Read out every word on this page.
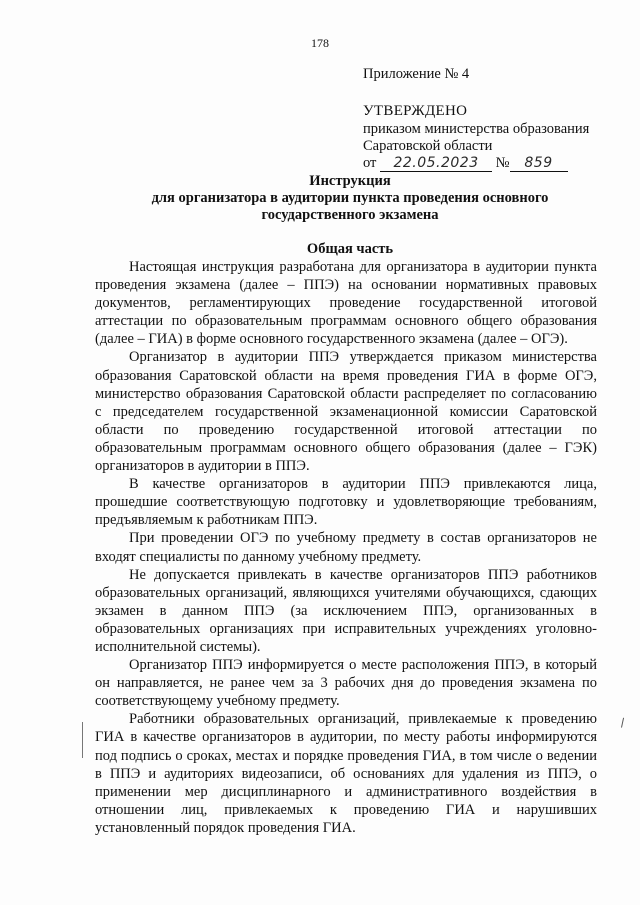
178
Приложение № 4
УТВЕРЖДЕНО
приказом министерства образования
Саратовской области
от 22.05.2023 № 859
Инструкция
для организатора в аудитории пункта проведения основного
государственного экзамена
Общая часть

Настоящая инструкция разработана для организатора в аудитории пункта проведения экзамена (далее – ППЭ) на основании нормативных правовых документов, регламентирующих проведение государственной итоговой аттестации по образовательным программам основного общего образования (далее – ГИА) в форме основного государственного экзамена (далее – ОГЭ).

Организатор в аудитории ППЭ утверждается приказом министерства образования Саратовской области на время проведения ГИА в форме ОГЭ, министерство образования Саратовской области распределяет по согласованию с председателем государственной экзаменационной комиссии Саратовской области по проведению государственной итоговой аттестации по образовательным программам основного общего образования (далее – ГЭК) организаторов в аудитории в ППЭ.

В качестве организаторов в аудитории ППЭ привлекаются лица, прошедшие соответствующую подготовку и удовлетворяющие требованиям, предъявляемым к работникам ППЭ.

При проведении ОГЭ по учебному предмету в состав организаторов не входят специалисты по данному учебному предмету.

Не допускается привлекать в качестве организаторов ППЭ работников образовательных организаций, являющихся учителями обучающихся, сдающих экзамен в данном ППЭ (за исключением ППЭ, организованных в образовательных организациях при исправительных учреждениях уголовно-исполнительной системы).

Организатор ППЭ информируется о месте расположения ППЭ, в который он направляется, не ранее чем за 3 рабочих дня до проведения экзамена по соответствующему учебному предмету.

Работники образовательных организаций, привлекаемые к проведению ГИА в качестве организаторов в аудитории, по месту работы информируются под подпись о сроках, местах и порядке проведения ГИА, в том числе о ведении в ППЭ и аудиториях видеозаписи, об основаниях для удаления из ППЭ, о применении мер дисциплинарного и административного воздействия в отношении лиц, привлекаемых к проведению ГИА и нарушивших установленный порядок проведения ГИА.
